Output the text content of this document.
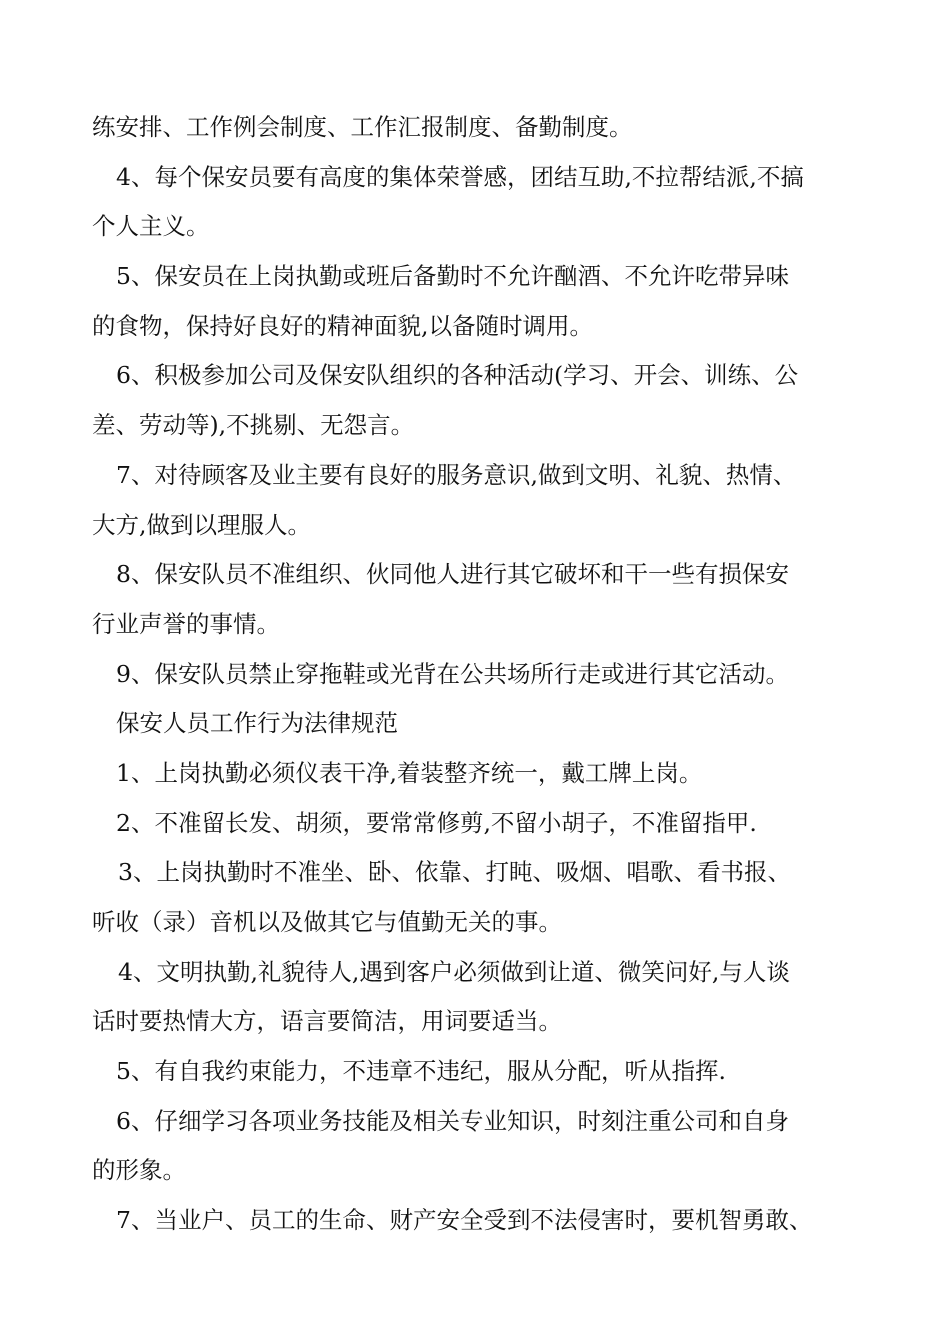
练安排、工作例会制度、工作汇报制度、备勤制度。
4、每个保安员要有高度的集体荣誉感，团结互助,不拉帮结派,不搞
个人主义。
5、保安员在上岗执勤或班后备勤时不允许酗酒、不允许吃带异味
的食物，保持好良好的精神面貌,以备随时调用。
6、积极参加公司及保安队组织的各种活动(学习、开会、训练、公
差、劳动等),不挑剔、无怨言。
7、对待顾客及业主要有良好的服务意识,做到文明、礼貌、热情、
大方,做到以理服人。
8、保安队员不准组织、伙同他人进行其它破坏和干一些有损保安
行业声誉的事情。
9、保安队员禁止穿拖鞋或光背在公共场所行走或进行其它活动。
保安人员工作行为法律规范
1、上岗执勤必须仪表干净,着装整齐统一，戴工牌上岗。
2、不准留长发、胡须，要常常修剪,不留小胡子，不准留指甲.
3、上岗执勤时不准坐、卧、依靠、打盹、吸烟、唱歌、看书报、
听收（录）音机以及做其它与值勤无关的事。
4、文明执勤,礼貌待人,遇到客户必须做到让道、微笑问好,与人谈
话时要热情大方，语言要简洁，用词要适当。
5、有自我约束能力，不违章不违纪，服从分配，听从指挥.
6、仔细学习各项业务技能及相关专业知识，时刻注重公司和自身
的形象。
7、当业户、员工的生命、财产安全受到不法侵害时，要机智勇敢、
